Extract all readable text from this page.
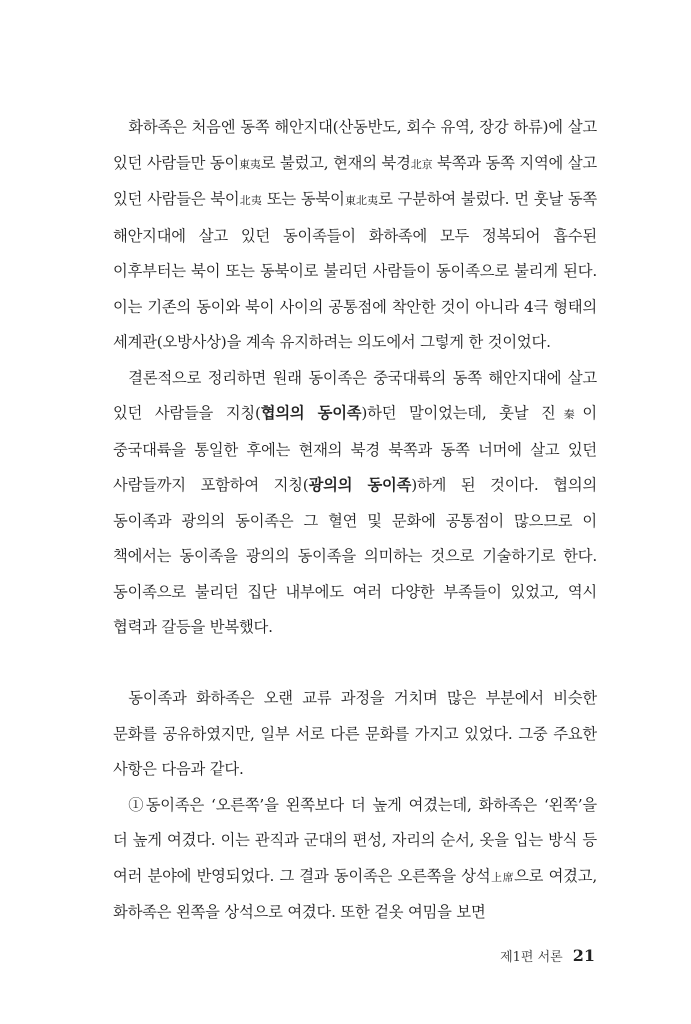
화하족은 처음엔 동쪽 해안지대(산동반도, 회수 유역, 장강 하류)에 살고 있던 사람들만 동이東夷로 불렀고, 현재의 북경北京 북쪽과 동쪽 지역에 살고 있던 사람들은 북이北夷 또는 동북이東北夷로 구분하여 불렀다. 먼 훗날 동쪽 해안지대에 살고 있던 동이족들이 화하족에 모두 정복되어 흡수된 이후부터는 북이 또는 동북이로 불리던 사람들이 동이족으로 불리게 된다. 이는 기존의 동이와 북이 사이의 공통점에 착안한 것이 아니라 4극 형태의 세계관(오방사상)을 계속 유지하려는 의도에서 그렇게 한 것이었다.

결론적으로 정리하면 원래 동이족은 중국대륙의 동쪽 해안지대에 살고 있던 사람들을 지칭(협의의 동이족)하던 말이었는데, 훗날 진秦이 중국대륙을 통일한 후에는 현재의 북경 북쪽과 동쪽 너머에 살고 있던 사람들까지 포함하여 지칭(광의의 동이족)하게 된 것이다. 협의의 동이족과 광의의 동이족은 그 혈연 및 문화에 공통점이 많으므로 이 책에서는 동이족을 광의의 동이족을 의미하는 것으로 기술하기로 한다. 동이족으로 불리던 집단 내부에도 여러 다양한 부족들이 있었고, 역시 협력과 갈등을 반복했다.

동이족과 화하족은 오랜 교류 과정을 거치며 많은 부분에서 비슷한 문화를 공유하였지만, 일부 서로 다른 문화를 가지고 있었다. 그중 주요한 사항은 다음과 같다.

①동이족은 ‘오른쪽’을 왼쪽보다 더 높게 여겼는데, 화하족은 ‘왼쪽’을 더 높게 여겼다. 이는 관직과 군대의 편성, 자리의 순서, 옷을 입는 방식 등 여러 분야에 반영되었다. 그 결과 동이족은 오른쪽을 상석上席으로 여겼고, 화하족은 왼쪽을 상석으로 여겼다. 또한 겉옷 여밈을 보면

제1편 서론 21
